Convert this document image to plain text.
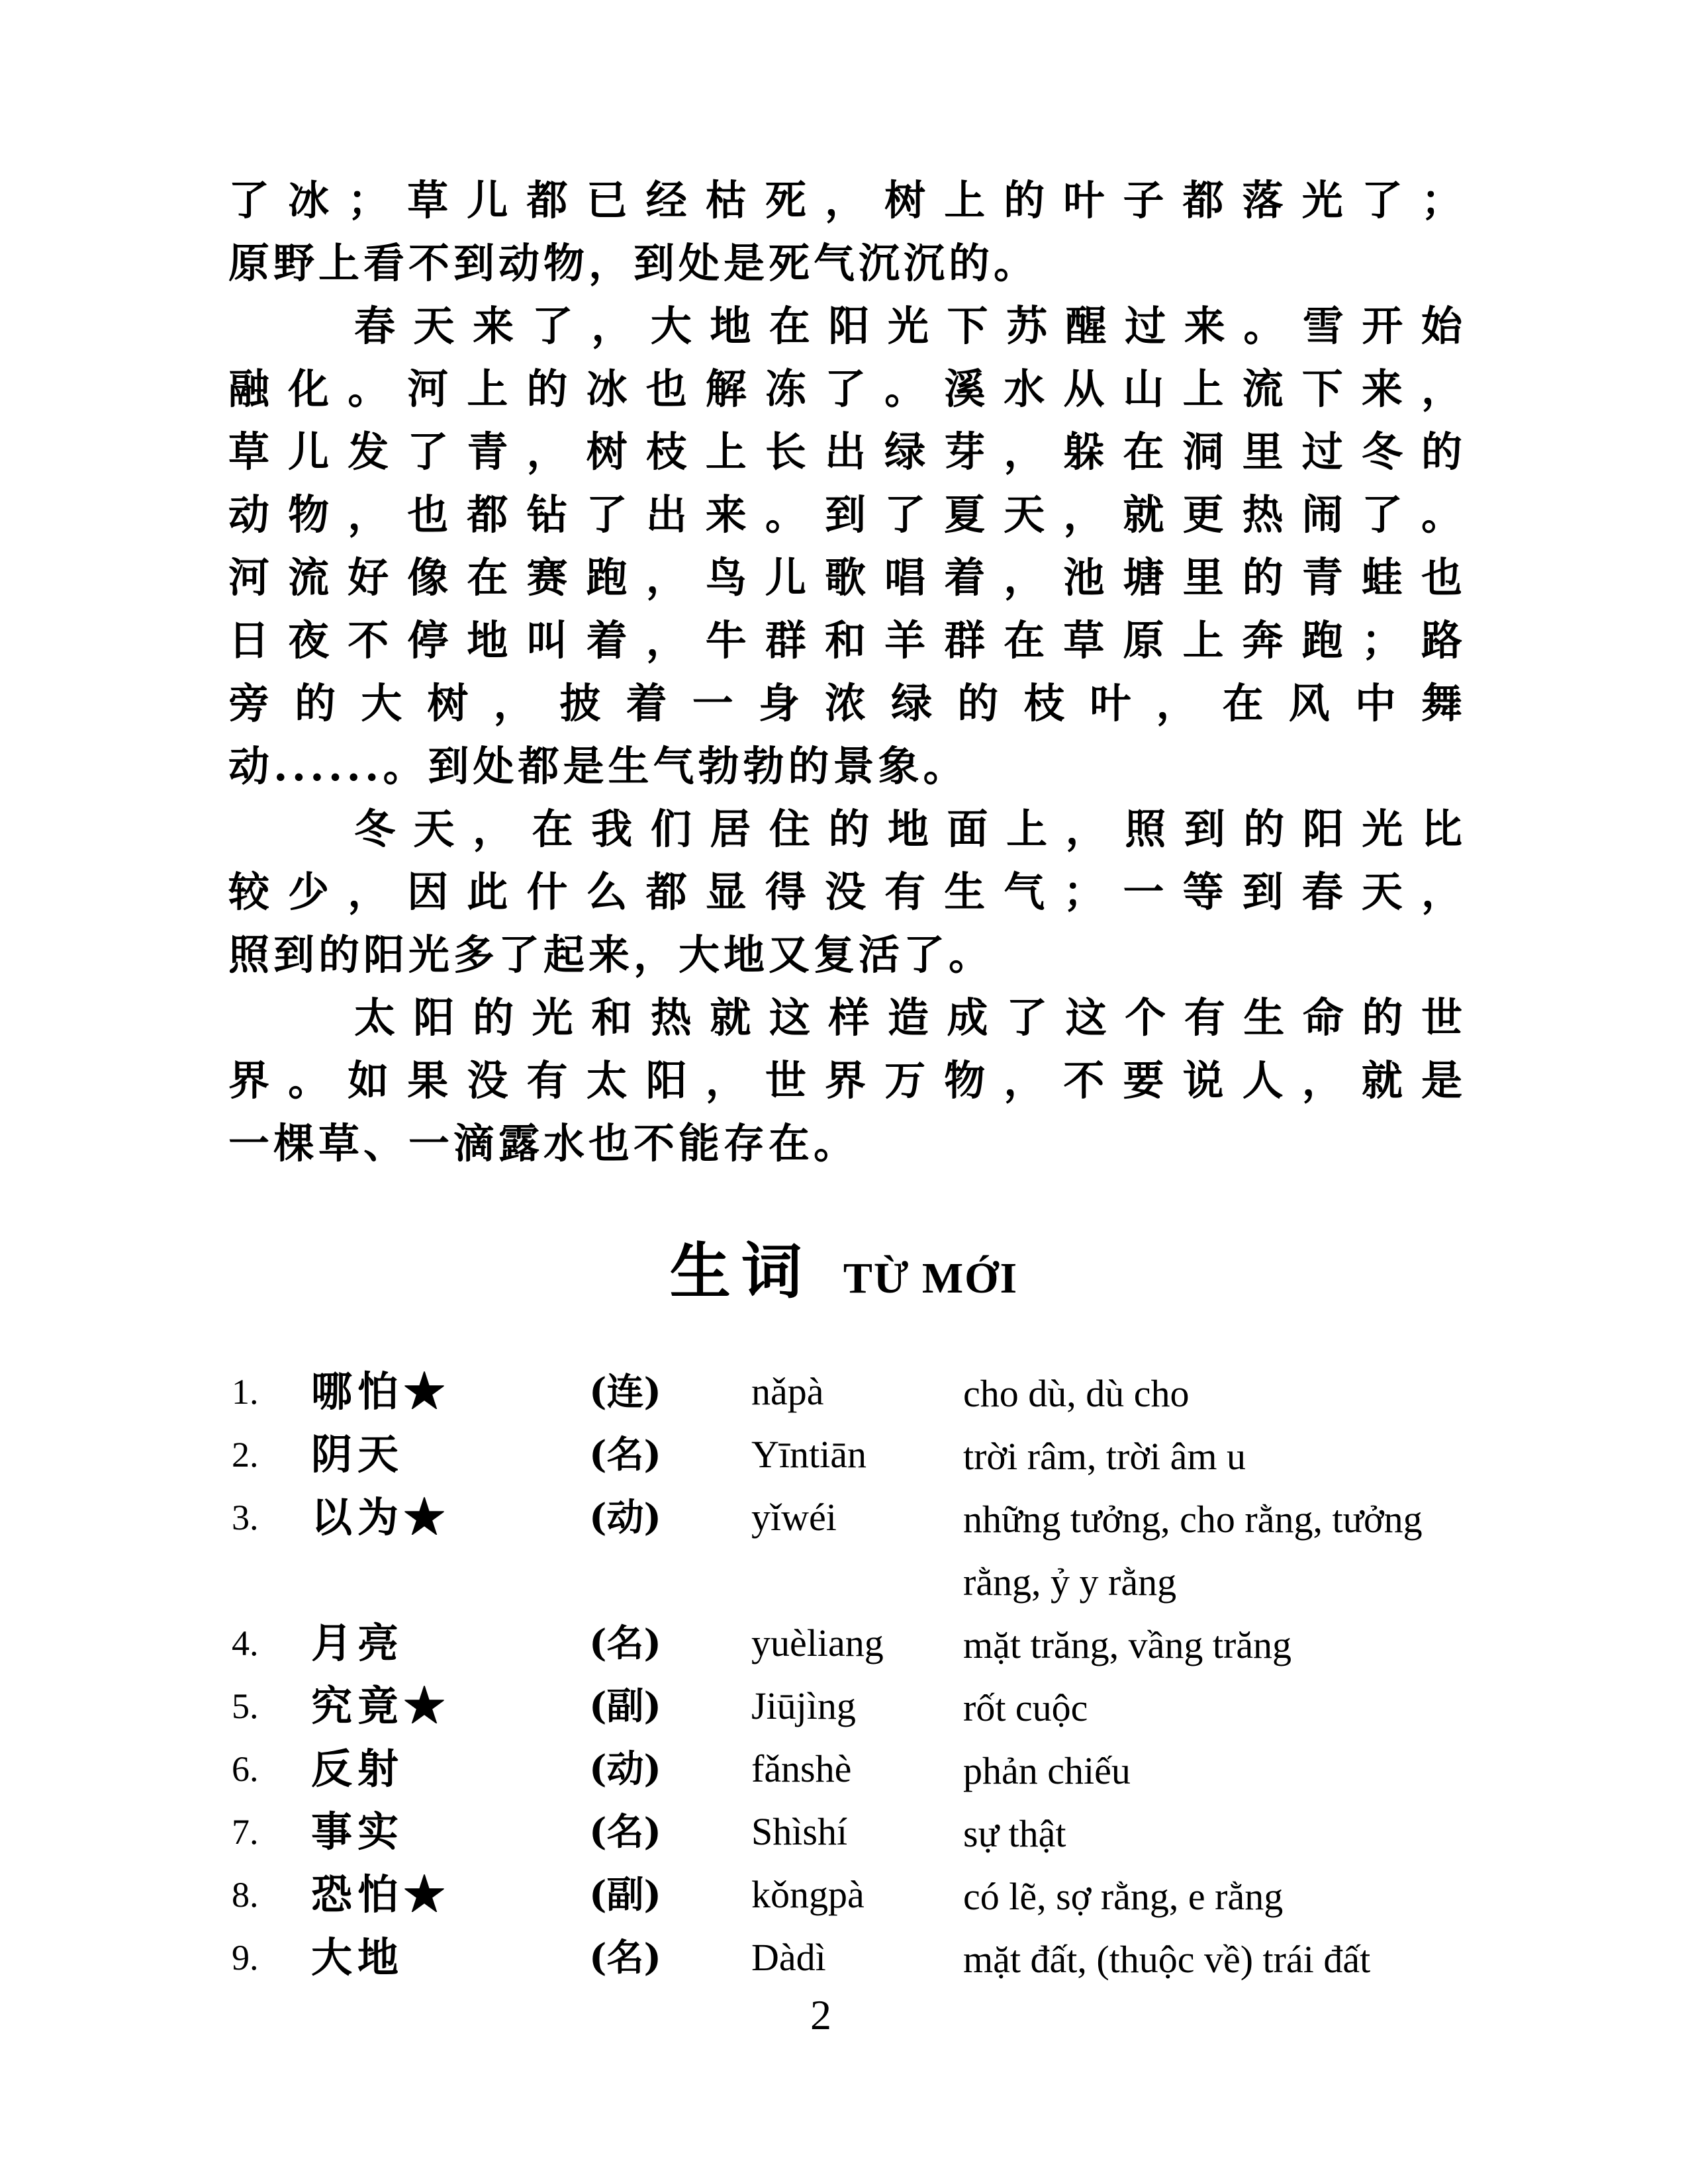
了冰；草儿都已经枯死，树上的叶子都落光了；
原野上看不到动物，到处是死气沉沉的。
春天来了，大地在阳光下苏醒过来。雪开始
融化。河上的冰也解冻了。溪水从山上流下来，
草儿发了青，树枝上长出绿芽，躲在洞里过冬的
动物，也都钻了出来。到了夏天，就更热闹了。
河流好像在赛跑，鸟儿歌唱着，池塘里的青蛙也
日夜不停地叫着，牛群和羊群在草原上奔跑；路
旁的大树，披着一身浓绿的枝叶，在风中舞
动......。到处都是生气勃勃的景象。
冬天，在我们居住的地面上，照到的阳光比
较少，因此什么都显得没有生气；一等到春天，
照到的阳光多了起来，大地又复活了。
太阳的光和热就这样造成了这个有生命的世
界。如果没有太阳，世界万物，不要说人，就是
一棵草、一滴露水也不能存在。
生词 TỪ MỚI
1.	哪怕★	(连)	nǎpà	cho dù, dù cho
2.	阴天	(名)	Yīntiān	trời râm, trời âm u
3.	以为★	(动)	yǐwéi	những tưởng, cho rằng, tưởng rằng, ỷ y rằng
4.	月亮	(名)	yuèliang	mặt trăng, vầng trăng
5.	究竟★	(副)	Jiūjìng	rốt cuộc
6.	反射	(动)	fǎnshè	phản chiếu
7.	事实	(名)	Shìshí	sự thật
8.	恐怕★	(副)	kǒngpà	có lẽ, sợ rằng, e rằng
9.	大地	(名)	Dàdì	mặt đất, (thuộc về) trái đất
2
